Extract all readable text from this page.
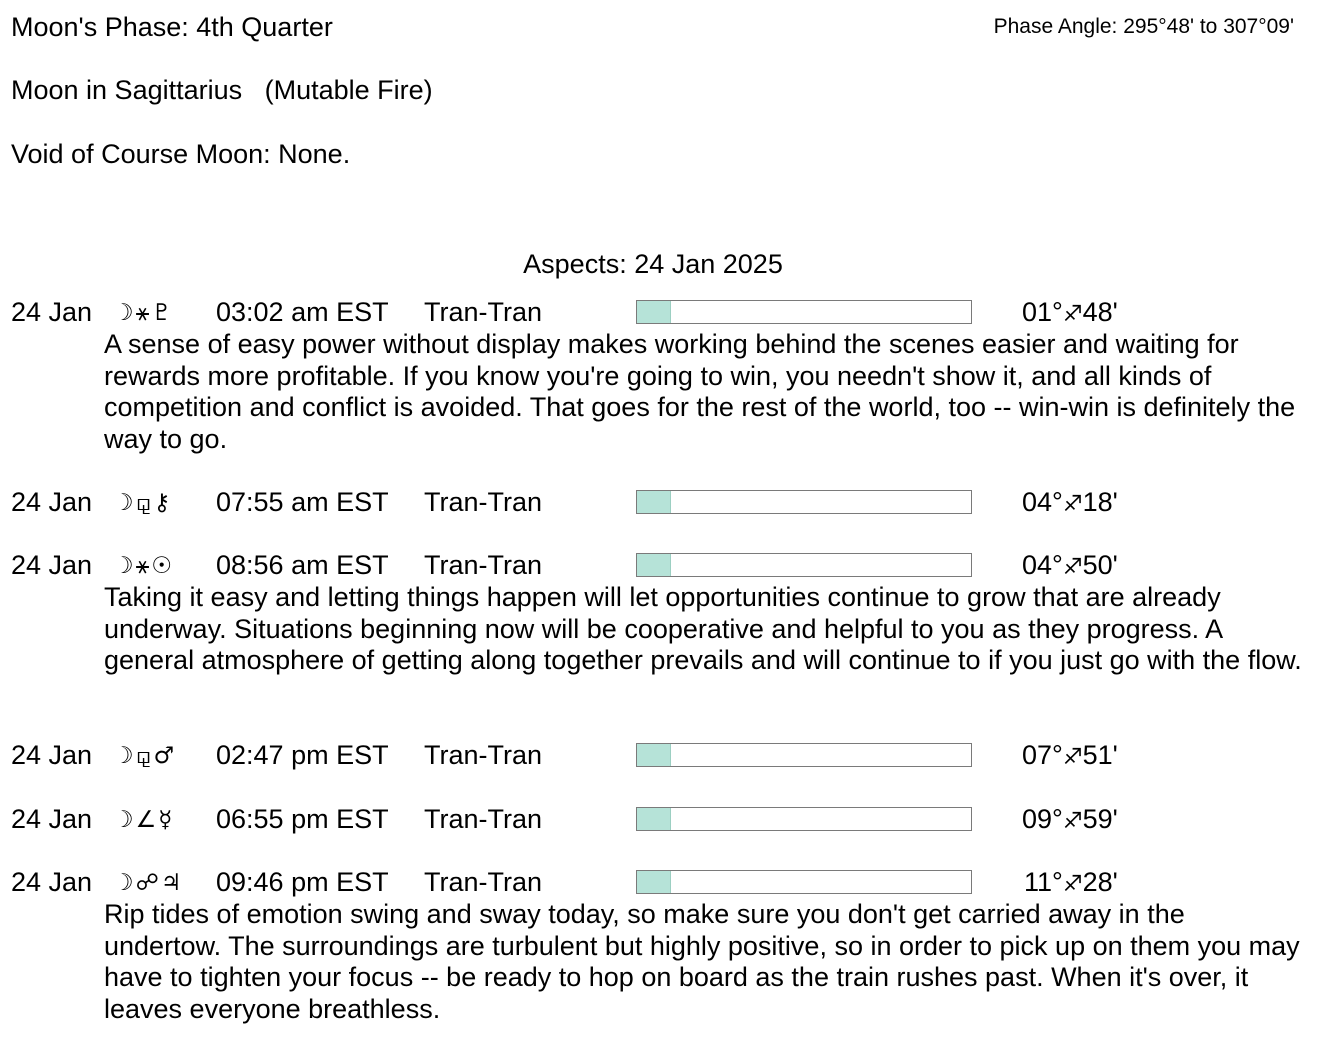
Moon's Phase: 4th Quarter	Phase Angle: 295°48' to 307°09'
Moon in Sagittarius   (Mutable Fire)
Void of Course Moon: None.
Aspects: 24 Jan 2025
24 Jan ☽⚹♇ 03:02 am EST Tran-Tran	01°♐48'
A sense of easy power without display makes working behind the scenes easier and waiting for rewards more profitable. If you know you're going to win, you needn't show it, and all kinds of competition and conflict is avoided. That goes for the rest of the world, too -- win-win is definitely the way to go.
24 Jan ☽⚼⚷ 07:55 am EST Tran-Tran	04°♐18'
24 Jan ☽⚹☉ 08:56 am EST Tran-Tran	04°♐50'
Taking it easy and letting things happen will let opportunities continue to grow that are already underway. Situations beginning now will be cooperative and helpful to you as they progress. A general atmosphere of getting along together prevails and will continue to if you just go with the flow.
24 Jan ☽⚼♂ 02:47 pm EST Tran-Tran	07°♐51'
24 Jan ☽∠☿ 06:55 pm EST Tran-Tran	09°♐59'
24 Jan ☽☍♃ 09:46 pm EST Tran-Tran	11°♐28'
Rip tides of emotion swing and sway today, so make sure you don't get carried away in the undertow. The surroundings are turbulent but highly positive, so in order to pick up on them you may have to tighten your focus -- be ready to hop on board as the train rushes past. When it's over, it leaves everyone breathless.
